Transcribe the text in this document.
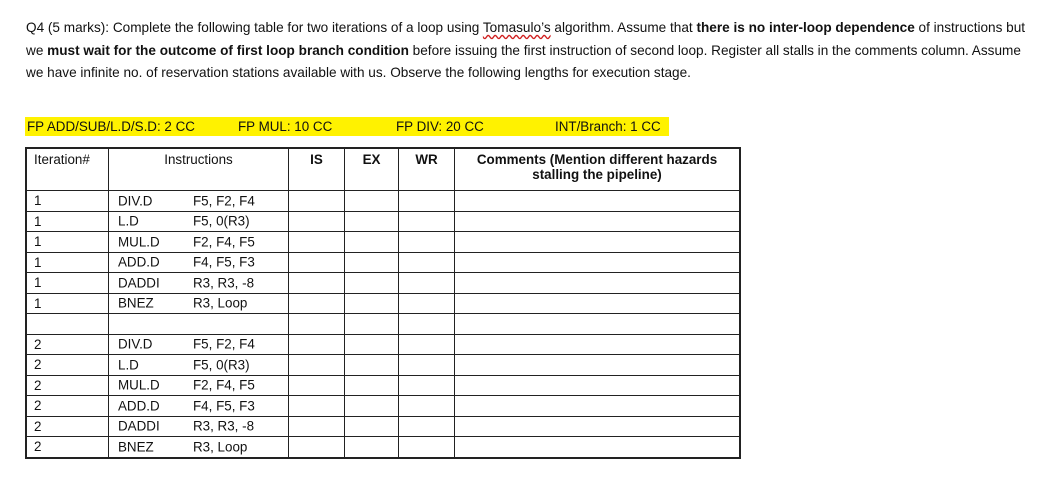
Q4 (5 marks): Complete the following table for two iterations of a loop using Tomasulo’s algorithm. Assume that there is no inter-loop dependence of instructions but we must wait for the outcome of first loop branch condition before issuing the first instruction of second loop. Register all stalls in the comments column. Assume we have infinite no. of reservation stations available with us. Observe the following lengths for execution stage.
FP ADD/SUB/L.D/S.D: 2 CC	FP MUL: 10 CC	FP DIV: 20 CC	INT/Branch: 1 CC
Iteration#	Instructions	IS	EX	WR	Comments (Mention different hazards stalling the pipeline)
1	DIV.D F5, F2, F4				

1	L.D F5, 0(R3)				

1	MUL.D F2, F4, F5				

1	ADD.D F4, F5, F3				

1	DADDI R3, R3, -8				

1	BNEZ R3, Loop				

2	DIV.D F5, F2, F4				

2	L.D F5, 0(R3)				

2	MUL.D F2, F4, F5				

2	ADD.D F4, F5, F3				

2	DADDI R3, R3, -8				

2	BNEZ R3, Loop				
